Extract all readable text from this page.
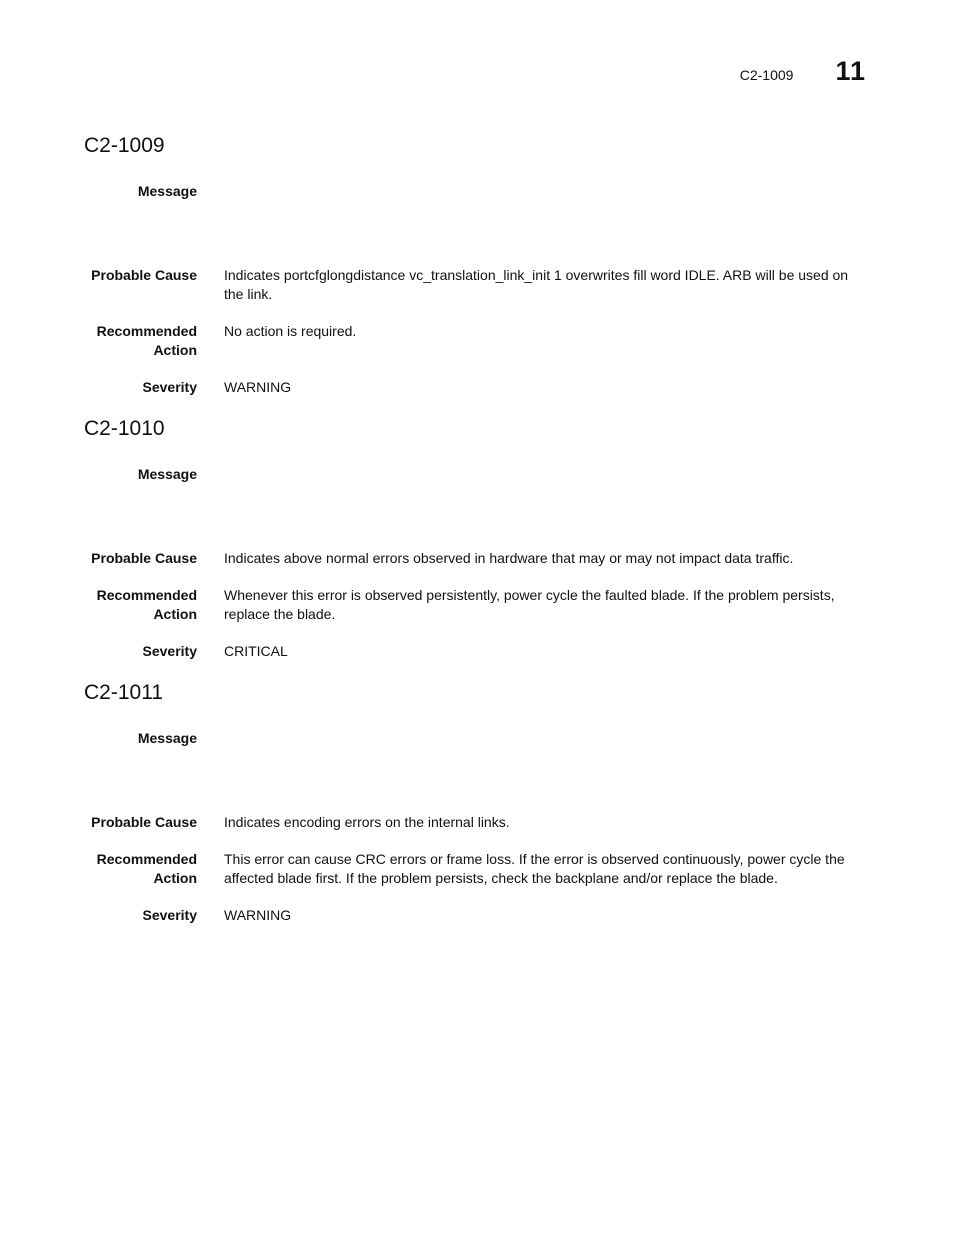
C2-1009 11
C2-1009
Message
Probable Cause Indicates portcfglongdistance vc_translation_link_init 1 overwrites fill word IDLE. ARB will be used on the link.
Recommended Action
No action is required.
Severity WARNING
C2-1010
Message
Probable Cause Indicates above normal errors observed in hardware that may or may not impact data traffic.
Recommended Action
Whenever this error is observed persistently, power cycle the faulted blade. If the problem persists, replace the blade.
Severity CRITICAL
C2-1011
Message
Probable Cause Indicates encoding errors on the internal links.
Recommended Action
This error can cause CRC errors or frame loss. If the error is observed continuously, power cycle the affected blade first. If the problem persists, check the backplane and/or replace the blade.
Severity WARNING
